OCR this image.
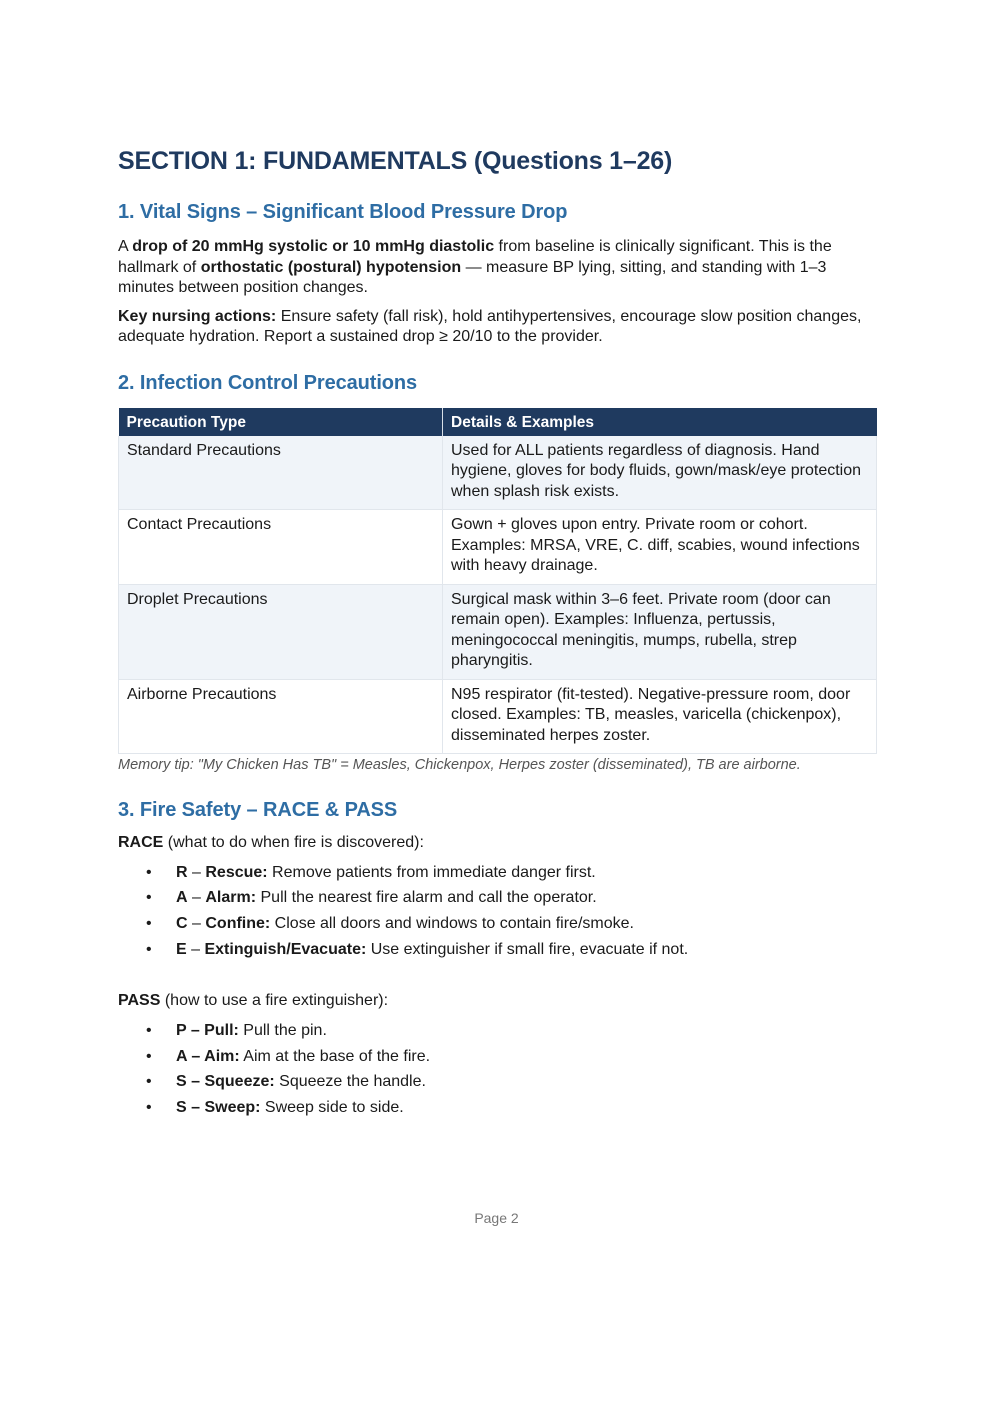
SECTION 1: FUNDAMENTALS (Questions 1–26)
1. Vital Signs – Significant Blood Pressure Drop

A drop of 20 mmHg systolic or 10 mmHg diastolic from baseline is clinically significant. This is the hallmark of orthostatic (postural) hypotension — measure BP lying, sitting, and standing with 1–3 minutes between position changes.

Key nursing actions: Ensure safety (fall risk), hold antihypertensives, encourage slow position changes, adequate hydration. Report a sustained drop ≥ 20/10 to the provider.

2. Infection Control Precautions
Precaution Type	Details & Examples
Standard Precautions	Used for ALL patients regardless of diagnosis. Hand hygiene, gloves for body fluids, gown/mask/eye protection when splash risk exists.
Contact Precautions	Gown + gloves upon entry. Private room or cohort. Examples: MRSA, VRE, C. diff, scabies, wound infections with heavy drainage.
Droplet Precautions	Surgical mask within 3–6 feet. Private room (door can remain open). Examples: Influenza, pertussis, meningococcal meningitis, mumps, rubella, strep pharyngitis.
Airborne Precautions	N95 respirator (fit-tested). Negative-pressure room, door closed. Examples: TB, measles, varicella (chickenpox), disseminated herpes zoster.

Memory tip: "My Chicken Has TB" = Measles, Chickenpox, Herpes zoster (disseminated), TB are airborne.

3. Fire Safety – RACE & PASS

RACE (what to do when fire is discovered):

• R – Rescue: Remove patients from immediate danger first.
• A – Alarm: Pull the nearest fire alarm and call the operator.
• C – Confine: Close all doors and windows to contain fire/smoke.
• E – Extinguish/Evacuate: Use extinguisher if small fire, evacuate if not.

PASS (how to use a fire extinguisher):

• P – Pull: Pull the pin.
• A – Aim: Aim at the base of the fire.
• S – Squeeze: Squeeze the handle.
• S – Sweep: Sweep side to side.
Page 2
